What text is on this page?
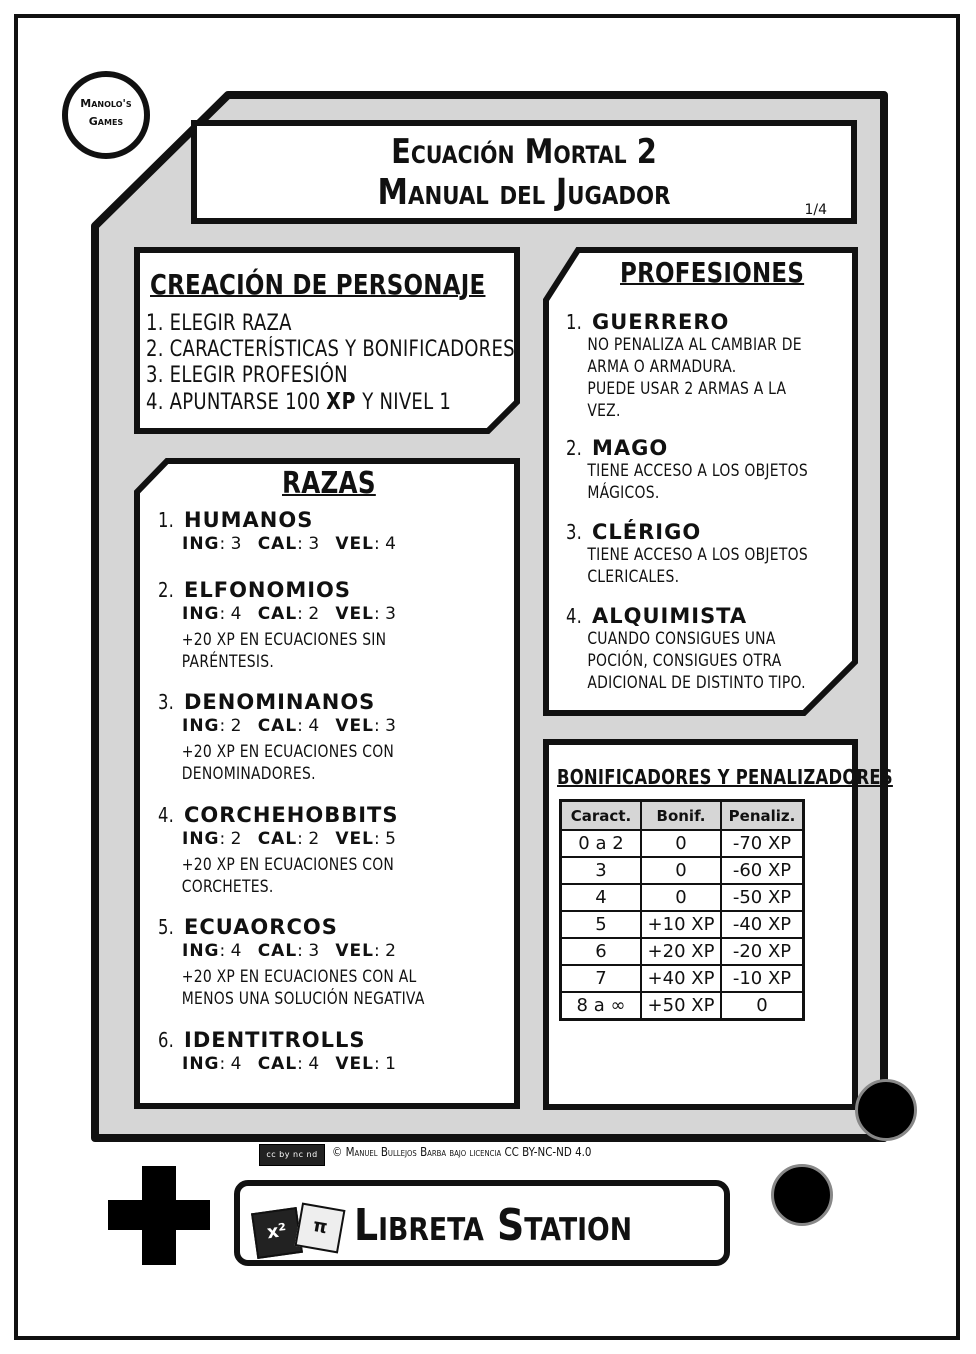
Manolo's
Games
Ecuación Mortal 2
Manual del Jugador	1/4
CREACIÓN DE PERSONAJE
1. ELEGIR RAZA
2. CARACTERÍSTICAS Y BONIFICADORES
3. ELEGIR PROFESIÓN
4. APUNTARSE 100 XP Y NIVEL 1
RAZAS
1. HUMANOS
ING: 3 CAL: 3 VEL: 4
2. ELFONOMIOS
ING: 4 CAL: 2 VEL: 3
+20 XP EN ECUACIONES SIN
PARÉNTESIS.
3. DENOMINANOS
ING: 2 CAL: 4 VEL: 3
+20 XP EN ECUACIONES CON
DENOMINADORES.
4. CORCHEHOBBITS
ING: 2 CAL: 2 VEL: 5
+20 XP EN ECUACIONES CON
CORCHETES.
5. ECUAORCOS
ING: 4 CAL: 3 VEL: 2
+20 XP EN ECUACIONES CON AL
MENOS UNA SOLUCIÓN NEGATIVA
6. IDENTITROLLS
ING: 4 CAL: 4 VEL: 1
PROFESIONES
1. GUERRERO
NO PENALIZA AL CAMBIAR DE
ARMA O ARMADURA.
PUEDE USAR 2 ARMAS A LA
VEZ.
2. MAGO
TIENE ACCESO A LOS OBJETOS
MÁGICOS.
3. CLÉRIGO
TIENE ACCESO A LOS OBJETOS
CLERICALES.
4. ALQUIMISTA
CUANDO CONSIGUES UNA
POCIÓN, CONSIGUES OTRA
ADICIONAL DE DISTINTO TIPO.
BONIFICADORES Y PENALIZADORES
Caract.	Bonif.	Penaliz.
0 a 2	0	-70 XP
3	0	-60 XP
4	0	-50 XP
5	+10 XP	-40 XP
6	+20 XP	-20 XP
7	+40 XP	-10 XP
8 a ∞	+50 XP	0
cc by nc nd	© Manuel Bullejos Barba bajo licencia CC BY-NC-ND 4.0
x²	π Libreta Station
